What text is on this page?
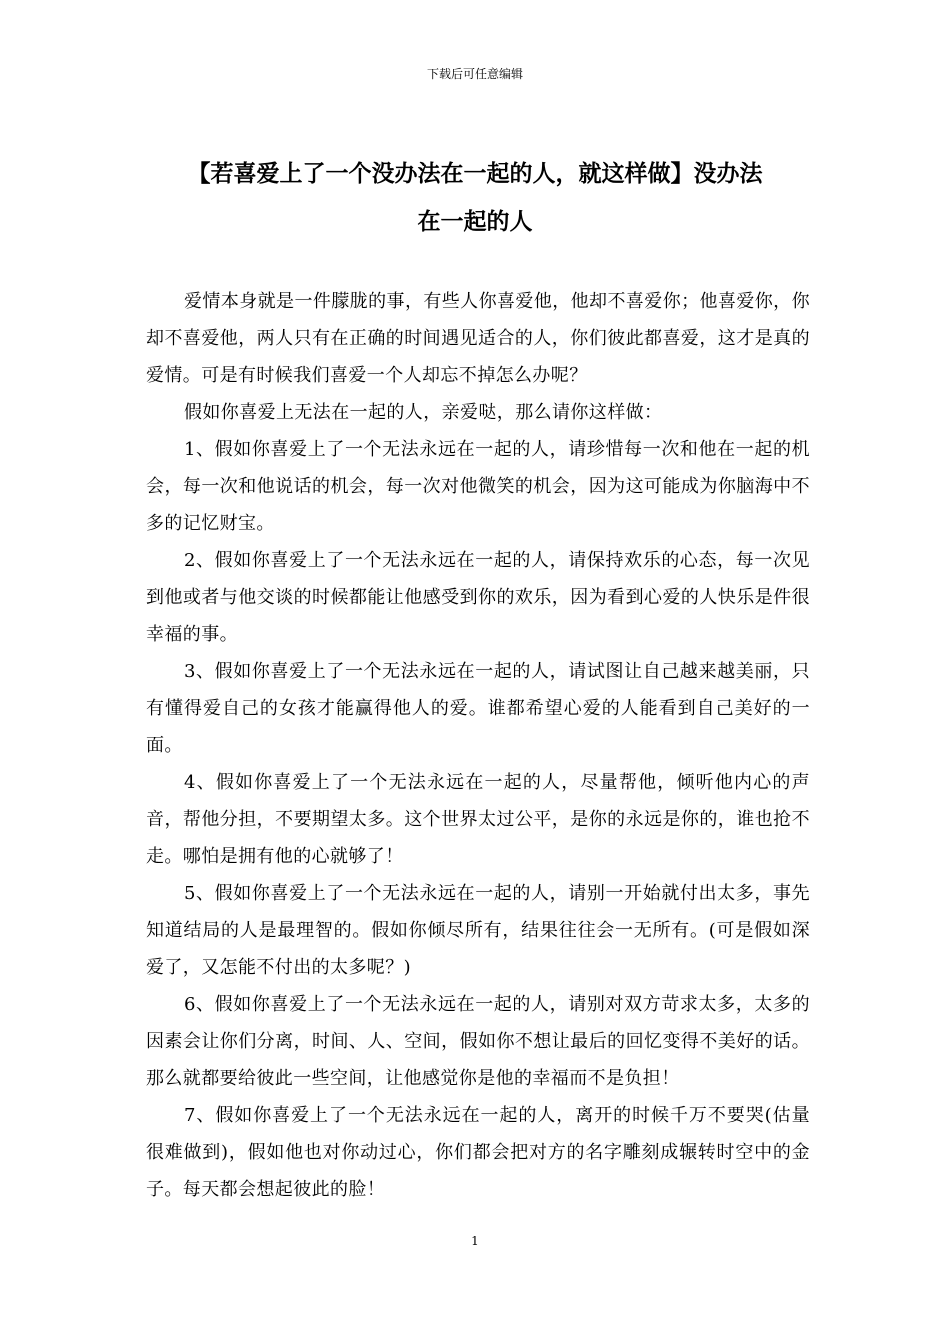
下载后可任意编辑
【若喜爱上了一个没办法在一起的人，就这样做】没办法
在一起的人

爱情本身就是一件朦胧的事，有些人你喜爱他，他却不喜爱你；他喜爱你，你却不喜爱他，两人只有在正确的时间遇见适合的人，你们彼此都喜爱，这才是真的爱情。可是有时候我们喜爱一个人却忘不掉怎么办呢？

假如你喜爱上无法在一起的人，亲爱哒，那么请你这样做：

1、假如你喜爱上了一个无法永远在一起的人，请珍惜每一次和他在一起的机会，每一次和他说话的机会，每一次对他微笑的机会，因为这可能成为你脑海中不多的记忆财宝。

2、假如你喜爱上了一个无法永远在一起的人，请保持欢乐的心态，每一次见到他或者与他交谈的时候都能让他感受到你的欢乐，因为看到心爱的人快乐是件很幸福的事。

3、假如你喜爱上了一个无法永远在一起的人，请试图让自己越来越美丽，只有懂得爱自己的女孩才能赢得他人的爱。谁都希望心爱的人能看到自己美好的一面。

4、假如你喜爱上了一个无法永远在一起的人，尽量帮他，倾听他内心的声音，帮他分担，不要期望太多。这个世界太过公平，是你的永远是你的，谁也抢不走。哪怕是拥有他的心就够了！

5、假如你喜爱上了一个无法永远在一起的人，请别一开始就付出太多，事先知道结局的人是最理智的。假如你倾尽所有，结果往往会一无所有。(可是假如深爱了，又怎能不付出的太多呢？)

6、假如你喜爱上了一个无法永远在一起的人，请别对双方苛求太多，太多的因素会让你们分离，时间、人、空间，假如你不想让最后的回忆变得不美好的话。那么就都要给彼此一些空间，让他感觉你是他的幸福而不是负担！

7、假如你喜爱上了一个无法永远在一起的人，离开的时候千万不要哭(估量很难做到)，假如他也对你动过心，你们都会把对方的名字雕刻成辗转时空中的金子。每天都会想起彼此的脸！

1
